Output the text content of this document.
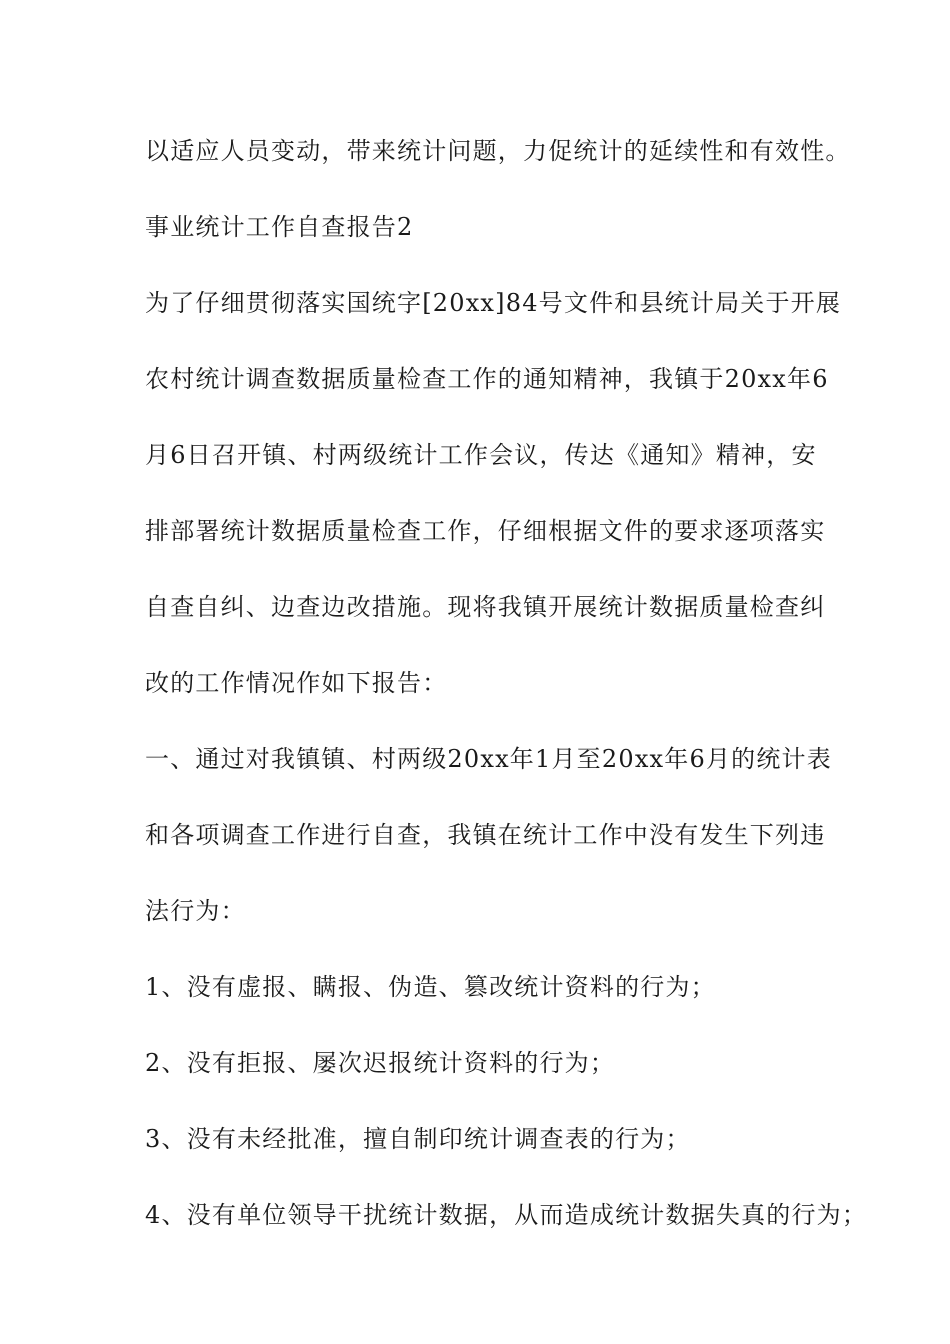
以适应人员变动，带来统计问题，力促统计的延续性和有效性。
事业统计工作自查报告2
为了仔细贯彻落实国统字[20xx]84号文件和县统计局关于开展
农村统计调查数据质量检查工作的通知精神，我镇于20xx年6
月6日召开镇、村两级统计工作会议，传达《通知》精神，安
排部署统计数据质量检查工作，仔细根据文件的要求逐项落实
自查自纠、边查边改措施。现将我镇开展统计数据质量检查纠
改的工作情况作如下报告：
一、通过对我镇镇、村两级20xx年1月至20xx年6月的统计表
和各项调查工作进行自查，我镇在统计工作中没有发生下列违
法行为：
1、没有虚报、瞒报、伪造、篡改统计资料的行为；
2、没有拒报、屡次迟报统计资料的行为；
3、没有未经批准，擅自制印统计调查表的行为；
4、没有单位领导干扰统计数据，从而造成统计数据失真的行为；
